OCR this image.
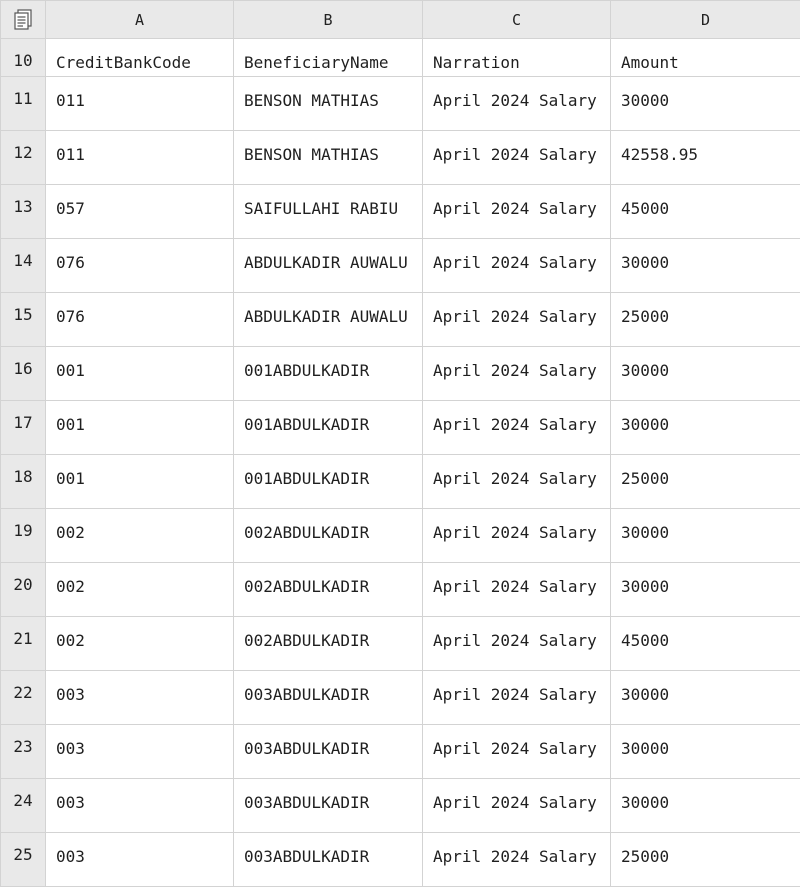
	A	B	C	D
10	CreditBankCode	BeneficiaryName	Narration	Amount
11	011	BENSON MATHIAS	April 2024 Salary	30000
12	011	BENSON MATHIAS	April 2024 Salary	42558.95
13	057	SAIFULLAHI RABIU	April 2024 Salary	45000
14	076	ABDULKADIR AUWALU	April 2024 Salary	30000
15	076	ABDULKADIR AUWALU	April 2024 Salary	25000
16	001	001ABDULKADIR	April 2024 Salary	30000
17	001	001ABDULKADIR	April 2024 Salary	30000
18	001	001ABDULKADIR	April 2024 Salary	25000
19	002	002ABDULKADIR	April 2024 Salary	30000
20	002	002ABDULKADIR	April 2024 Salary	30000
21	002	002ABDULKADIR	April 2024 Salary	45000
22	003	003ABDULKADIR	April 2024 Salary	30000
23	003	003ABDULKADIR	April 2024 Salary	30000
24	003	003ABDULKADIR	April 2024 Salary	30000
25	003	003ABDULKADIR	April 2024 Salary	25000
